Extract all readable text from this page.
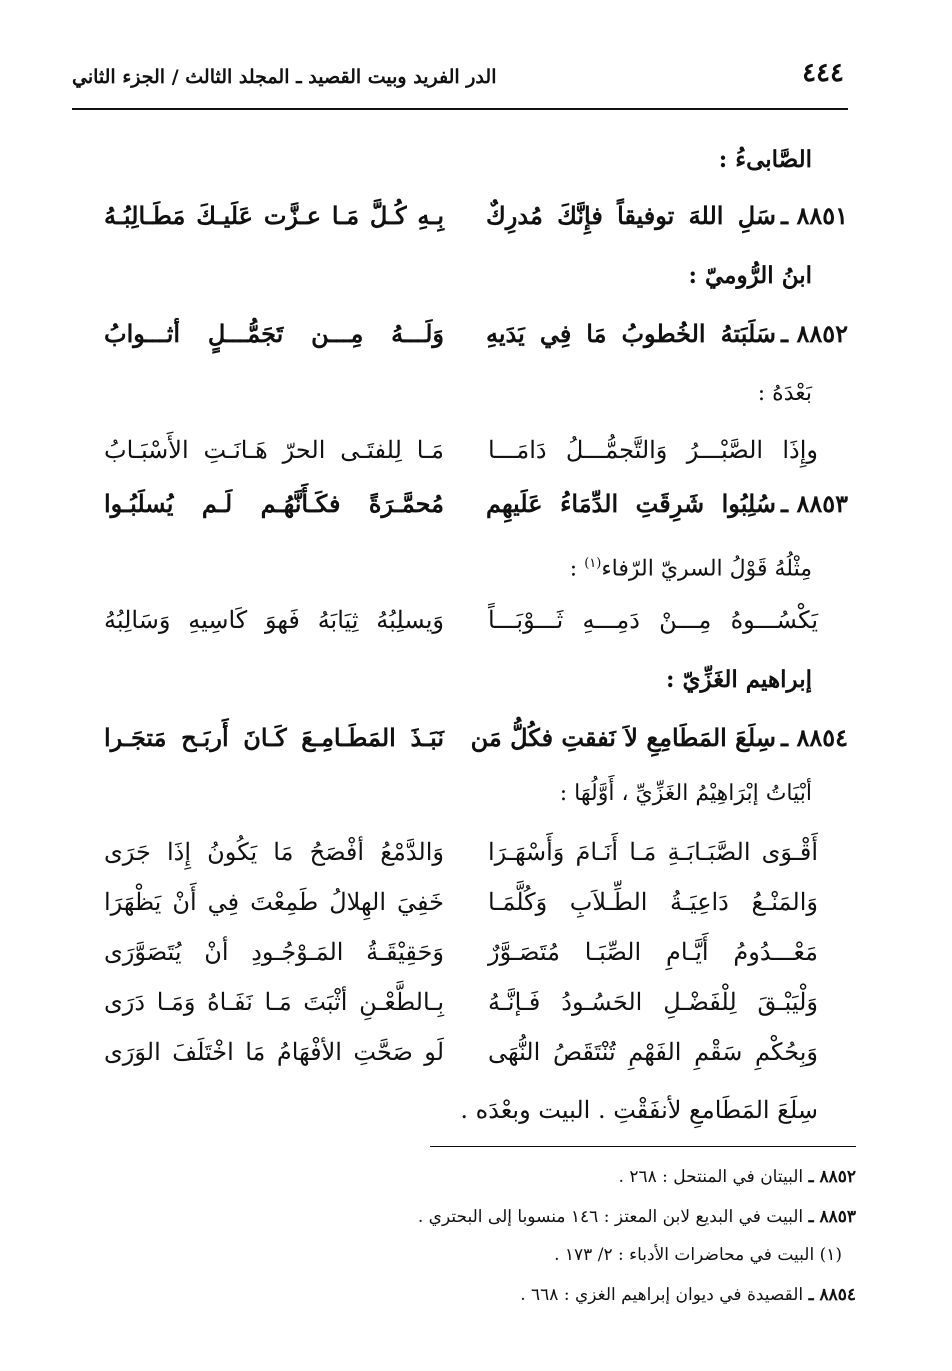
٤٤٤
الدر الفريد وبيت القصيد ـ المجلد الثالث / الجزء الثاني
الصَّابىءُ :
٨٨٥١ ـ
سَلِ اللهَ توفيقاً فإِنَّكَ مُدرِكٌ
بِـهِ كُـلَّ مَـا عـزَّت عَلَيـكَ مَطَـالِبُـهُ
ابنُ الرُّوميّ :
٨٨٥٢ ـ
سَلَبَتهُ الخُطوبُ مَا فِي يَدَيهِ
وَلَـــهُ مِـــن تَجَمُّـــلٍ أثـــوابُ
بَعْدَهُ :
وإِذَا الصَّبْـــرُ وَالتَّجمُّـــلُ دَامَـــا
مَـا لِلفتَـى الحرّ هَـانَـتِ الأَسْبَـابُ
٨٨٥٣ ـ
سُلِبُوا شَرِقَتِ الدِّمَاءُ عَلَيهِم
مُحمَّـرَةً فكَـأَنَّهُـم لَـم يُسلَبُـوا
مِثْلُهُ قَوْلُ السريّ الرّفاء$^{(١)}$ :
يَكْسُـــوهُ مِـــنْ دَمِـــهِ ثَـــوْبَـــاً
وَيسلِبُهُ ثِيَابَهُ فَهوَ كَاسِيهِ وَسَالِبُهُ
إبراهيم الغَزِّيّ :
٨٨٥٤ ـ
سِلَعَ المَطَامِعِ لاَ نَفقتِ فكُلُّ مَن
نَبَـذَ المَطَـامِـعَ كَـانَ أَربَـح مَتجَـرا
أبْيَاتُ إبْرَاهِيْمُ الغَزِّيِّ ، أَوَّلُهَا :
أَقْـوَى الصَّبَـابَـةِ مَـا أَنَـامَ وَأَسْهَـرَا
وَالدَّمْعُ أفْصَحُ مَا يَكُونُ إِذَا جَرَى
وَالمَنْـعُ دَاعِيَـةُ الطِّـلاَبِ وَكُلَّمَـا
خَفِيَ الهِلالُ طَمِعْتَ فِي أَنْ يَظْهَرَا
مَعْـــدُومُ أَيَّـامِ الصِّبَـا مُتَصَـوَّرٌ
وَحَقِيْقَـةُ المَـوْجُـودِ أنْ يُتَصَوَّرَى
وَلْيَبْـقَ لِلْفَضْـلِ الحَسُـودُ فَـإنَّـهُ
بِـالطَّعْـنِ أثْبَتَ مَـا نَفَـاهُ وَمَـا دَرَى
وَبِحُكْمِ سَقْمِ الفَهْمِ تُنْتَقَصُ النُّهَى
لَو صَحَّتِ الأفْهَامُ مَا اخْتَلَفَ الوَرَى
سِلَعَ المَطَامعِ لأنفَقْتِ . البيت وبعْدَه .
٨٨٥٢ ـ البيتان في المنتحل : ٢٦٨ .
٨٨٥٣ ـ البيت في البديع لابن المعتز : ١٤٦ منسوبا إلى البحتري .
(١) البيت في محاضرات الأدباء : ٢/ ١٧٣ .
٨٨٥٤ ـ القصيدة في ديوان إبراهيم الغزي : ٦٦٨ .
